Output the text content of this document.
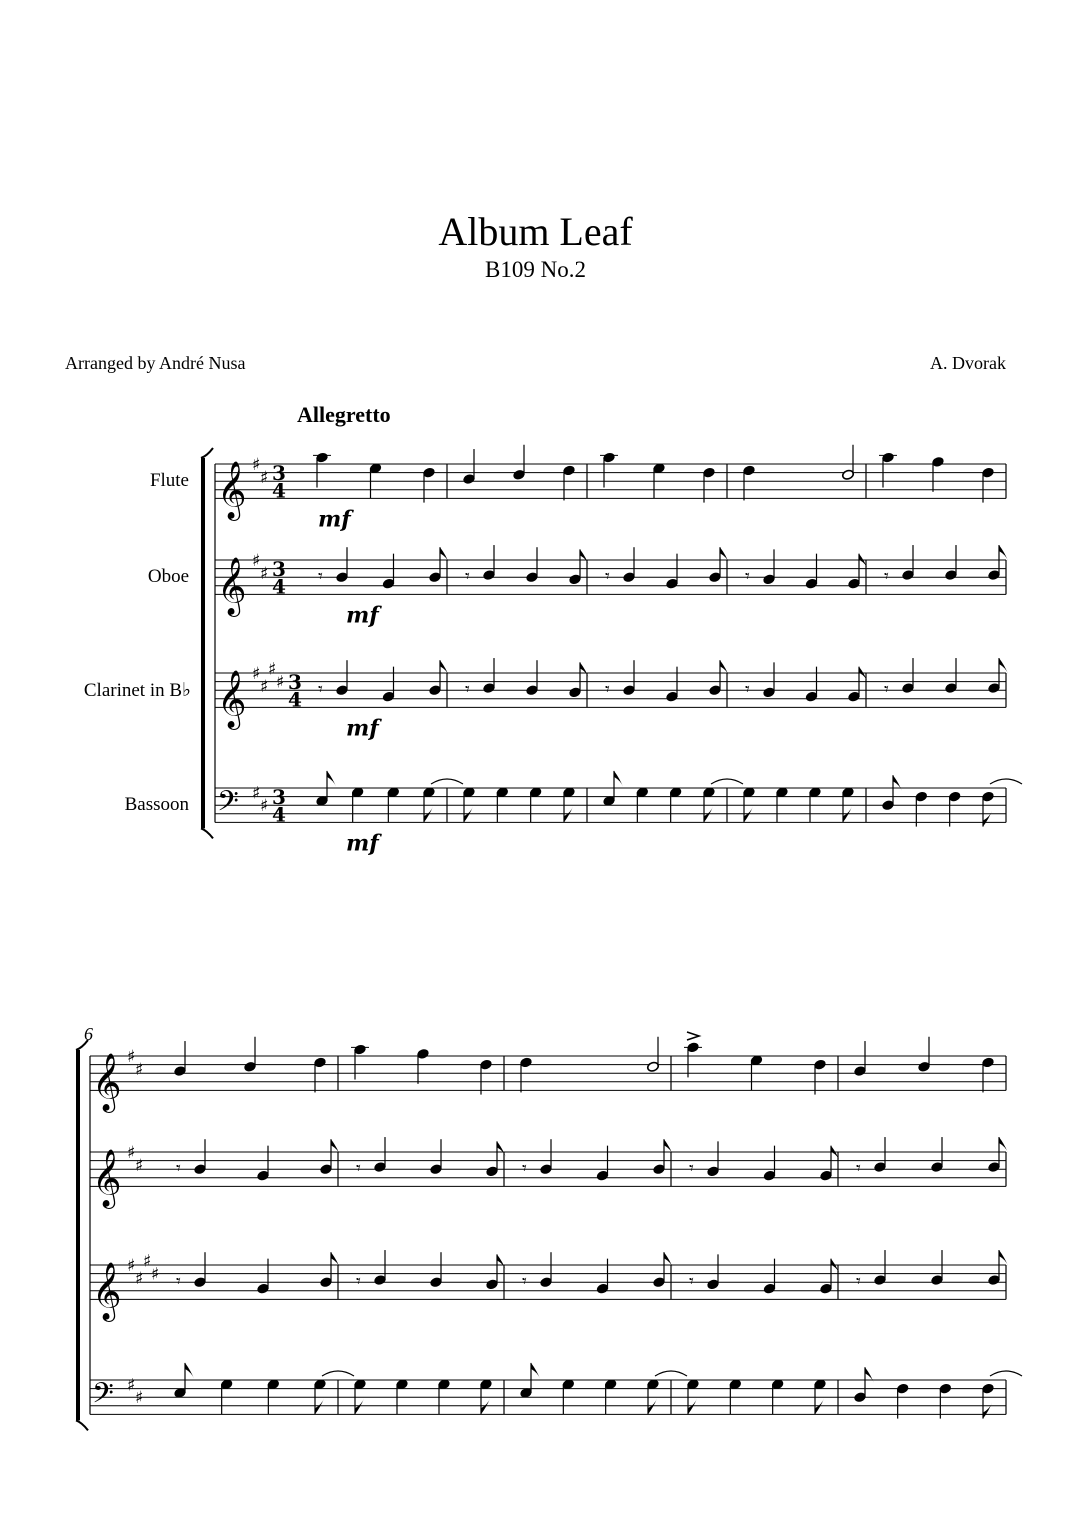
Album Leaf
B109 No.2
Arranged by André Nusa	A. Dvorak
Allegretto
Flute
Oboe
Clarinet in B♭
Bassoon
𝄞 ♯
♯ 3
4
mf
𝄞 ♯
♯ 3
4 𝄾	𝄾	𝄾	𝄾	𝄾
mf
𝄞 ♯
♯
♯
♯ 3
4 𝄾	𝄾	𝄾	𝄾	𝄾
mf
𝄢 ♯
♯ 3
4
mf
6
𝄞 ♯
♯
𝄞 ♯
♯ 𝄾	𝄾	𝄾	𝄾	𝄾
𝄞 ♯
♯
♯
♯ 𝄾	𝄾	𝄾	𝄾	𝄾
𝄢 ♯
♯
